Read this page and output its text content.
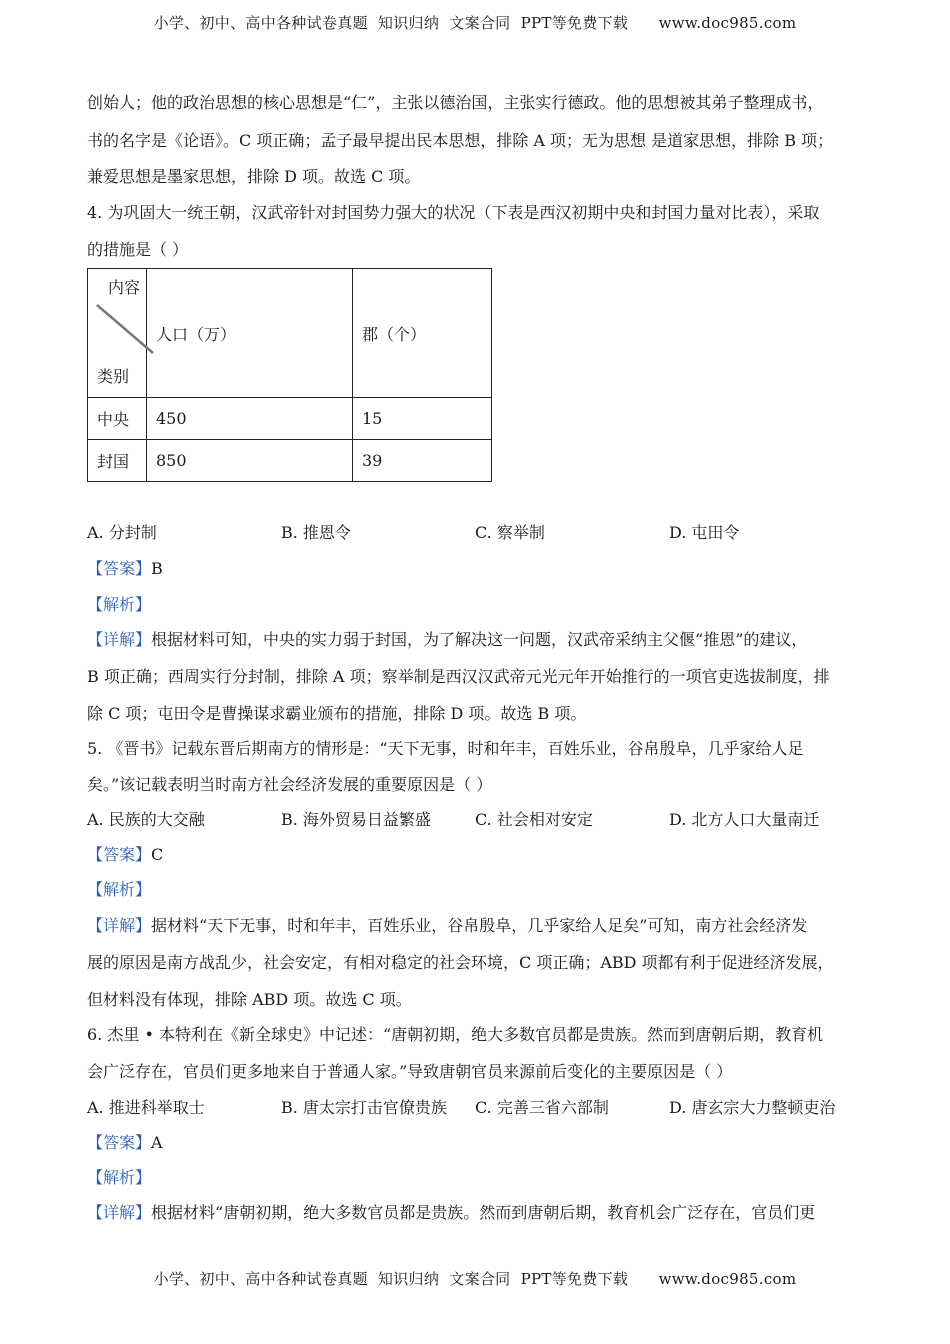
小学、初中、高中各种试卷真题  知识归纳  文案合同  PPT等免费下载      www.doc985.com
创始人；他的政治思想的核心思想是“仁”，主张以德治国，主张实行德政。他的思想被其弟子整理成书，
书的名字是《论语》。C 项正确；孟子最早提出民本思想，排除 A 项；无为思想 是道家思想，排除 B 项；
兼爱思想是墨家思想，排除 D 项。故选 C 项。
4. 为巩固大一统王朝，汉武帝针对封国势力强大的状况（下表是西汉初期中央和封国力量对比表），采取
的措施是（ ）
内容
类别	人口（万）	郡（个）
中央	450	15
封国	850	39
A. 分封制	B. 推恩令	C. 察举制	D. 屯田令
【答案】B
【解析】
【详解】根据材料可知，中央的实力弱于封国，为了解决这一问题，汉武帝采纳主父偃“推恩”的建议，
B 项正确；西周实行分封制，排除 A 项；察举制是西汉汉武帝元光元年开始推行的一项官吏选拔制度，排
除 C 项；屯田令是曹操谋求霸业颁布的措施，排除 D 项。故选 B 项。
5. 《晋书》记载东晋后期南方的情形是：“天下无事，时和年丰，百姓乐业，谷帛殷阜，几乎家给人足
矣。”该记载表明当时南方社会经济发展的重要原因是（ ）
A. 民族的大交融	B. 海外贸易日益繁盛	C. 社会相对安定	D. 北方人口大量南迁
【答案】C
【解析】
【详解】据材料“天下无事，时和年丰，百姓乐业，谷帛殷阜，几乎家给人足矣”可知，南方社会经济发
展的原因是南方战乱少，社会安定，有相对稳定的社会环境，C 项正确；ABD 项都有利于促进经济发展，
但材料没有体现，排除 ABD 项。故选 C 项。
6. 杰里 • 本特利在《新全球史》中记述：“唐朝初期，绝大多数官员都是贵族。然而到唐朝后期，教育机
会广泛存在，官员们更多地来自于普通人家。”导致唐朝官员来源前后变化的主要原因是（ ）
A. 推进科举取士	B. 唐太宗打击官僚贵族 C. 完善三省六部制	D. 唐玄宗大力整顿吏治
【答案】A
【解析】
【详解】根据材料“唐朝初期，绝大多数官员都是贵族。然而到唐朝后期，教育机会广泛存在，官员们更
小学、初中、高中各种试卷真题  知识归纳  文案合同  PPT等免费下载      www.doc985.com
